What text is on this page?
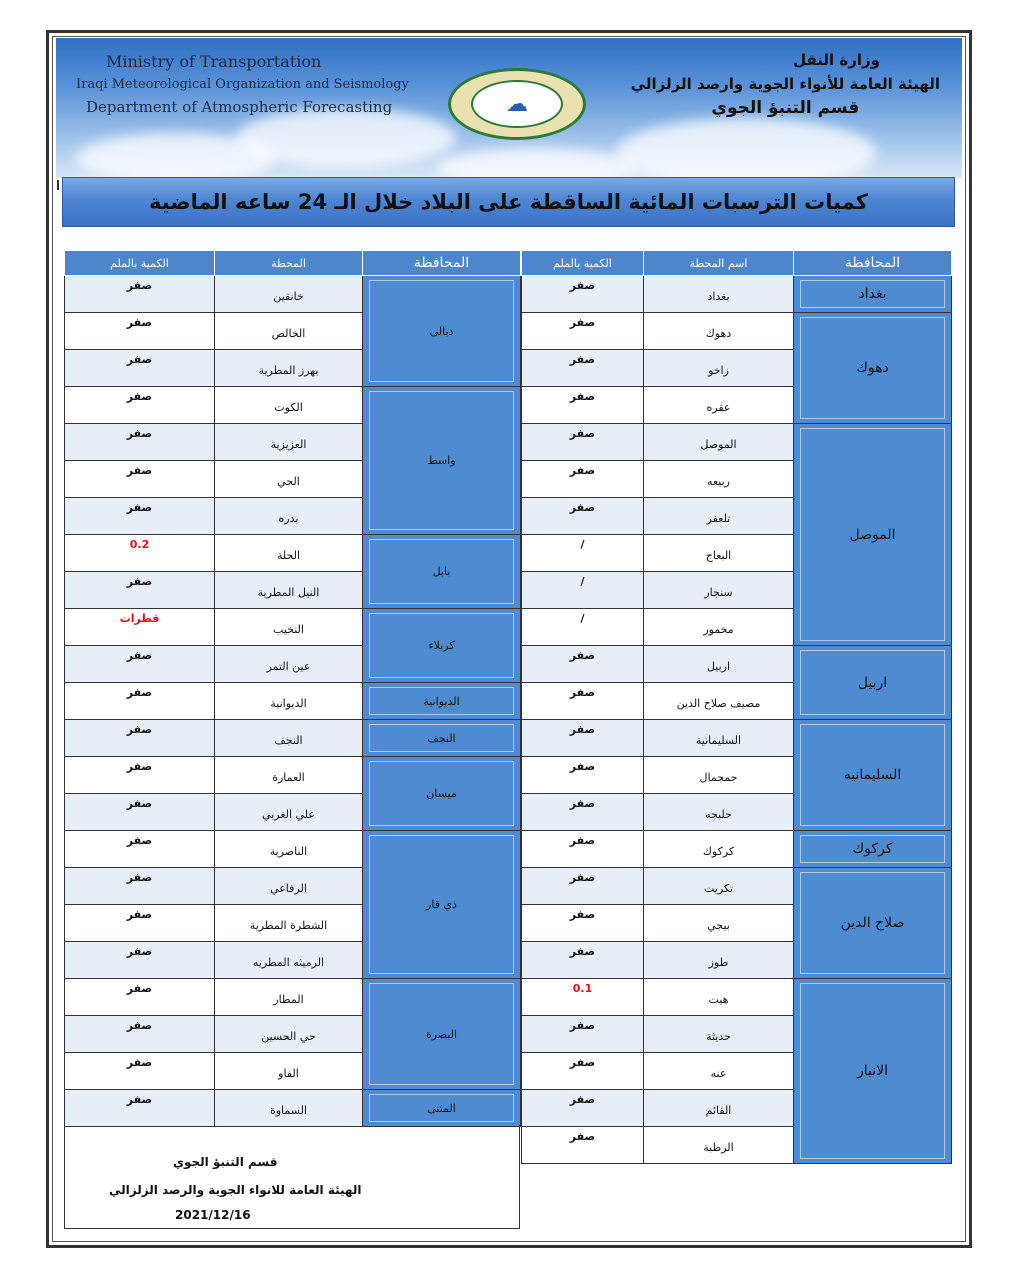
Ministry of Transportation
Iraqi Meteorological Organization and Seismology
Department of Atmospheric Forecasting	☁
وزارة النقل
الهيئة العامة للأنواء الجوية وارصد الزلزالي
قسم التنبؤ الجوي
كميات الترسبات المائية الساقطة على البلاد خلال الـ 24 ساعه الماضية
المحافظة	اسم المحطة	الكمية بالملم

بغداد	بغداد	صفر

دهوك	دهوك	صفر

	زاخو	صفر

	عقره	صفر

الموصل	الموصل	صفر

	ربيعه	صفر

	تلعفر	صفر

	البعاج	/

	سنجار	/

	مخمور	/

اربيل	اربيل	صفر

	مصيف صلاح الدين	صفر

السليمانيه	السليمانية	صفر

	جمجمال	صفر

	حلبجه	صفر

كركوك	كركوك	صفر

صلاح الدين	تكريت	صفر

	بيجي	صفر

	طوز	صفر

الانبار	هيت	0.1

	حديثة	صفر

	عنه	صفر

	القائم	صفر

	الرطبة	صفر
المحافظة	المحطة	الكمية بالملم

ديالى	خانقين	صفر

	الخالص	صفر

	بهرز المطرية	صفر

واسط	الكوت	صفر

	العزيزية	صفر

	الحي	صفر

	بدره	صفر

بابل	الحلة	0.2

	النيل المطرية	صفر

كربلاء	النخيب	قطرات

	عين التمر	صفر

الديوانية	الديوانية	صفر

النجف	النجف	صفر

ميسان	العمارة	صفر

	علي الغربي	صفر

ذي قار	الناصرية	صفر

	الرفاعي	صفر

	الشطرة المطرية	صفر

	الرميثه المطريه	صفر

البصرة	المطار	صفر

	حي الحسين	صفر

	الفاو	صفر

المثنى	السماوة	صفر
قسم التنبؤ الجوي
الهيئة العامة للانواء الجوية والرصد الزلزالي
2021/12/16
